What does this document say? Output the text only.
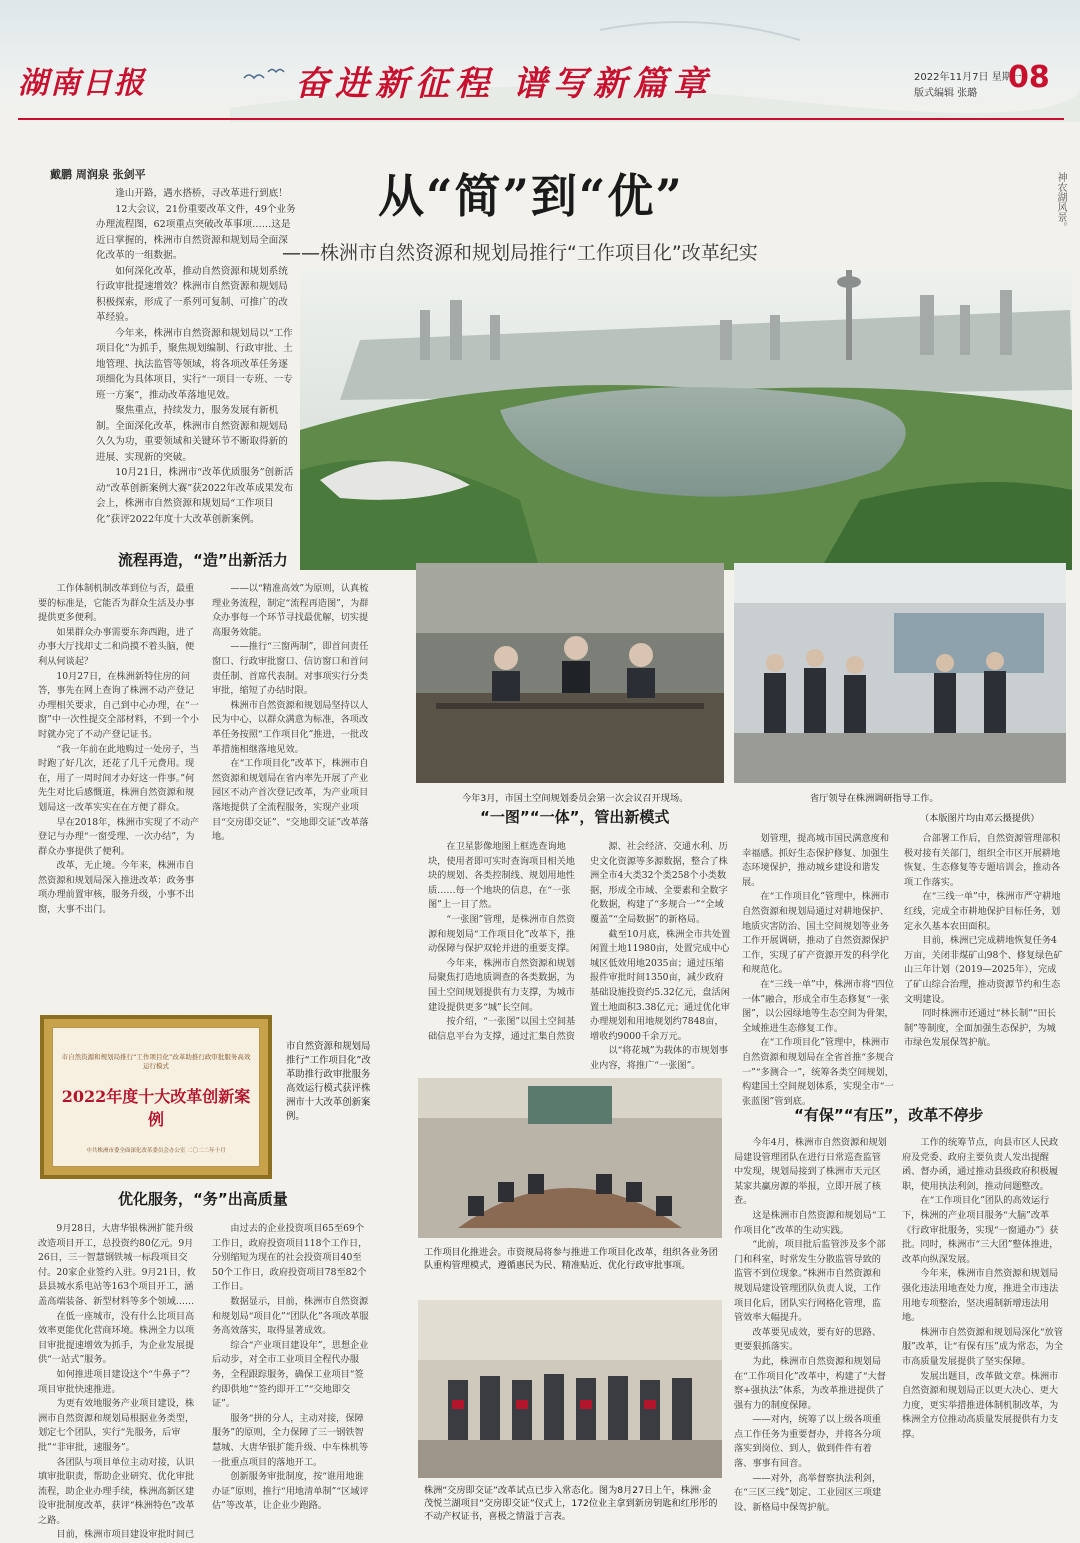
湖南日报	奋进新征程 谱写新篇章	2022年11月7日 星期一
版式编辑 张璐 08
戴鹏 周润泉 张剑平

逢山开路，遇水搭桥，寻改革进行到底！

12大会议，21份重要改革文件，49个业务办理流程图，62项重点突破改革事项……这是近日掌握的，株洲市自然资源和规划局全面深化改革的一组数据。

如何深化改革，推动自然资源和规划系统行政审批提速增效？株洲市自然资源和规划局积极探索，形成了一系列可复制、可推广的改革经验。

今年来，株洲市自然资源和规划局以“工作项目化”为抓手，聚焦规划编制、行政审批、土地管理、执法监管等领域，将各项改革任务逐项细化为具体项目，实行“一项目一专班、一专班一方案”，推动改革落地见效。

聚焦重点，持续发力，服务发展有新机制。全面深化改革，株洲市自然资源和规划局久久为功，重要领域和关键环节不断取得新的进展、实现新的突破。

10月21日，株洲市“改革优质服务”创新活动“改革创新案例大赛”获2022年改革成果发布会上，株洲市自然资源和规划局“工作项目化”获评2022年度十大改革创新案例。

从“简”到“优”
——株洲市自然资源和规划局推行“工作项目化”改革纪实
神农湖风景。
流程再造，“造”出新活力

工作体制机制改革到位与否，最重要的标准是，它能否为群众生活及办事提供更多便利。

如果群众办事需要东奔西跑，进了办事大厅找却丈二和尚摸不着头脑，便利从何谈起？

10月27日，在株洲新特住房的问答，事先在网上查询了株洲不动产登记办理相关要求，自己到中心办理，在“一窗”中一次性提交全部材料，不到一个小时就办完了不动产登记证书。

“我一年前在此地购过一处房子，当时跑了好几次，还花了几千元费用。现在，用了一周时间才办好这一件事。”何先生对比后感慨道，株洲自然资源和规划局这一改革实实在在方便了群众。

早在2018年，株洲市实现了不动产登记与办理“一窗受理、一次办结”，为群众办事提供了便利。

改革，无止境。今年来，株洲市自然资源和规划局深入推进改革：政务事项办理前置审核，服务升级，小事不出窗，大事不出门。

——以“精准高效”为原则，认真梳理业务流程，制定“流程再造图”，为群众办事每一个环节寻找最优解，切实提高服务效能。

——推行“三窗两制”，即首问责任窗口、行政审批窗口、信访窗口和首问责任制、首席代表制。对事项实行分类审批，缩短了办结时限。

株洲市自然资源和规划局坚持以人民为中心，以群众满意为标准，各项改革任务按照“工作项目化”推进，一批改革措施相继落地见效。

在“工作项目化”改革下，株洲市自然资源和规划局在省内率先开展了产业园区不动产首次登记改革，为产业项目落地提供了全流程服务，实现产业项目“交房即交证”、“交地即交证”改革落地。

今年3月，市国土空间规划委员会第一次会议召开现场。	省厅领导在株洲调研指导工作。
（本版图片均由邓云摄提供）
“一图”“一体”，管出新模式

在卫星影像地图上框选查询地块，使用者即可实时查询项目相关地块的规划、各类控制线、规划用地性质……每一个地块的信息，在“一张图”上一目了然。

“一张图”管理，是株洲市自然资源和规划局“工作项目化”改革下，推动保障与保护双轮并进的重要支撑。

今年来，株洲市自然资源和规划局聚焦打造地质调查的各类数据，为国土空间规划提供有力支撑，为城市建设提供更多“城”长空间。

按介绍，“一张图”以国土空间基础信息平台为支撑，通过汇集自然资

源、社会经济、交通水利、历史文化资源等多源数据，整合了株洲全市4大类32个类258个小类数据，形成全市域、全要素和全数字化数据，构建了“多规合一”“全域覆盖”“全局数据”的新格局。

截至10月底，株洲全市共处置闲置土地11980亩，处置完成中心城区低效用地2035亩；通过压缩报件审批时间1350亩，减少政府基础设施投资约5.32亿元，盘活闲置土地面积3.38亿元；通过优化审办理规划和用地规划约7848亩，增收约9000千余万元。

以“将花城”为载体的市规划事业内容，将推广“一张图”。

划管理，提高城市国民满意度和幸福感。抓好生态保护修复、加强生态环境保护，推动城乡建设和谐发展。

在“工作项目化”管理中，株洲市自然资源和规划局通过对耕地保护、地质灾害防治、国土空间规划等业务工作开展调研，推动了自然资源保护工作，实现了矿产资源开发的科学化和规范化。

在“三线一单”中，株洲市将“四位一体”融合，形成全市生态修复“一张图”，以公园绿地等生态空间为骨架，全域推进生态修复工作。

在“工作项目化”管理中，株洲市自然资源和规划局在全省首推“多规合一”“多测合一”，统筹各类空间规划，构建国土空间规划体系，实现全市“一张蓝图”管到底。

合部署工作后，自然资源管理部积极对接有关部门，组织全市区开展耕地恢复、生态修复等专题培训会，推动各项工作落实。

在“三线一单”中，株洲市严守耕地红线，完成全市耕地保护目标任务，划定永久基本农田面积。

目前，株洲已完成耕地恢复任务4万亩，关闭非煤矿山98个、修复绿色矿山三年计划（2019—2025年），完成了矿山综合治理，推动资源节约和生态文明建设。

同时株洲市还通过“林长制”“田长制”等制度，全面加强生态保护，为城市绿色发展保驾护航。

市自然资源和规划局推行“工作项目化”改革助推行政审批服务高效运行模式
2022年度十大改革创新案例
中共株洲市委全面深化改革委员会办公室 二〇二二年十月
市自然资源和规划局推行“工作项目化”改革助推行政审批服务高效运行模式获评株洲市十大改革创新案例。
优化服务，“务”出高质量

9月28日，大唐华银株洲扩能升级改造项目开工，总投资约80亿元。9月26日，三一智慧钢铁城一标段项目交付。20家企业签约入驻。9月21日，攸县县城水系电站等163个项目开工，涵盖高端装备、新型材料等多个领域……

在低一座城市，没有什么比项目高效率更能优化营商环境。株洲全力以项目审批提速增效为抓手，为企业发展提供“一站式”服务。

如何推进项目建设这个“牛鼻子”？项目审批快速推进。

为更有效地服务产业项目建设，株洲市自然资源和规划局根据业务类型，划定七个团队，实行“先服务，后审批”“非审批，速服务”。

各团队与项目单位主动对接，认识填审批职责，帮助企业研究、优化审批流程，助企业办理手续，株洲高新区建设审批制度改革，获评“株洲特色”改革之路。

目前，株洲市项目建设审批时间已

由过去的企业投资项目65至69个工作日，政府投资项目118个工作日，分别缩短为现在的社会投资项目40至50个工作日，政府投资项目78至82个工作日。

数据显示，目前，株洲市自然资源和规划局“项目化”“团队化”各项改革服务高效落实，取得显著成效。

综合“产业项目建设年”，思想企业后动步，对全市工业项目全程代办服务，全程跟踪服务，确保工业项目“签约即供地”“签约即开工”“交地即交证”。

服务“拼的分人，主动对接，保障服务”的原则，全力保障了三一钢铁智慧城、大唐华银扩能升级、中车株机等一批重点项目的落地开工。

创新服务审批制度，按“谁用地谁办证”原则，推行“用地清单制”“区域评估”等改革，让企业少跑路。

工作项目化推进会。市资规局将参与推进工作项目化改革，组织各业务团队重构管理模式，遵循惠民为民、精准贴近、优化行政审批事项。
株洲“交房即交证”改革试点已步入常态化。图为8月27日上午，株洲·金茂悦兰湖项目“交房即交证”仪式上，172位业主拿到新房钥匙和红彤彤的不动产权证书，喜极之情溢于言表。
“有保”“有压”，改革不停步

今年4月，株洲市自然资源和规划局建设管理团队在进行日常巡查监管中发现，规划局接到了株洲市天元区某家共赢房源的举报，立即开展了核查。

这是株洲市自然资源和规划局“工作项目化”改革的生动实践。

“此前，项目批后监管涉及多个部门和科室，时常发生分散监管导致的监管不到位现象。”株洲市自然资源和规划局建设管理团队负责人说，工作项目化后，团队实行网格化管理，监管效率大幅提升。

改革要见成效，要有好的思路、更要狠抓落实。

为此，株洲市自然资源和规划局在“工作项目化”改革中，构建了“大督察+强执法”体系，为改革推进提供了强有力的制度保障。

——对内，统筹了以上级各项重点工作任务为重要督办，并将各分项落实到岗位、到人，做到件件有着落、事事有回音。

——对外，高举督察执法利剑，在“三区三线”划定、工业园区三项建设、新格局中保驾护航。

工作的统筹节点，向县市区人民政府及党委、政府主要负责人发出提醒函、督办函，通过推动县级政府积极履职，使用执法利剑，推动问题整改。

在“工作项目化”团队的高效运行下，株洲的产业项目服务“大脑”改革《行政审批服务，实现“一窗通办”》获批。同时，株洲市“三大团”整体推进，改革向纵深发展。

今年来，株洲市自然资源和规划局强化违法用地查处力度，推进全市违法用地专项整治，坚决遏制新增违法用地。

株洲市自然资源和规划局深化“放管服”改革，让“有保有压”成为常态，为全市高质量发展提供了坚实保障。

发展出题目，改革做文章。株洲市自然资源和规划局正以更大决心、更大力度，更实举措推进体制机制改革，为株洲全方位推动高质量发展提供有力支撑。
